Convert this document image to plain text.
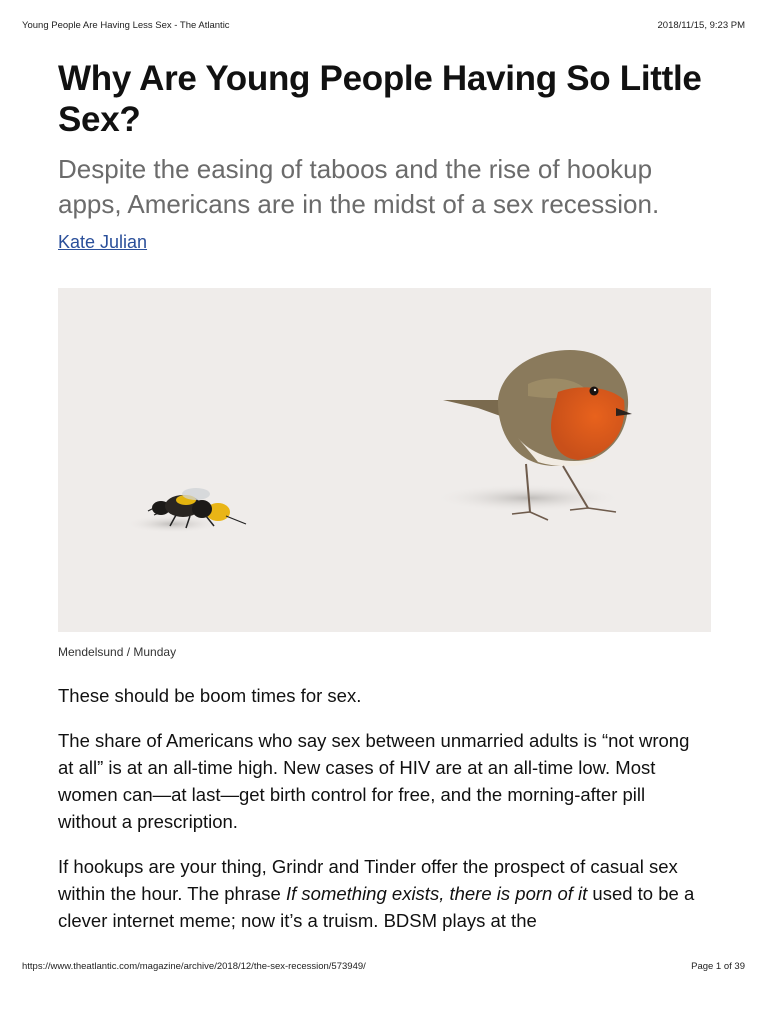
Young People Are Having Less Sex - The Atlantic	2018/11/15, 9:23 PM
Why Are Young People Having So Little Sex?

Despite the easing of taboos and the rise of hookup apps, Americans are in the midst of a sex recession.

Kate Julian
Mendelsund / Munday

These should be boom times for sex.

The share of Americans who say sex between unmarried adults is “not wrong at all” is at an all-time high. New cases of HIV are at an all-time low. Most women can—at last—get birth control for free, and the morning-after pill without a prescription.

If hookups are your thing, Grindr and Tinder offer the prospect of casual sex within the hour. The phrase If something exists, there is porn of it used to be a clever internet meme; now it’s a truism. BDSM plays at the

https://www.theatlantic.com/magazine/archive/2018/12/the-sex-recession/573949/	Page 1 of 39
